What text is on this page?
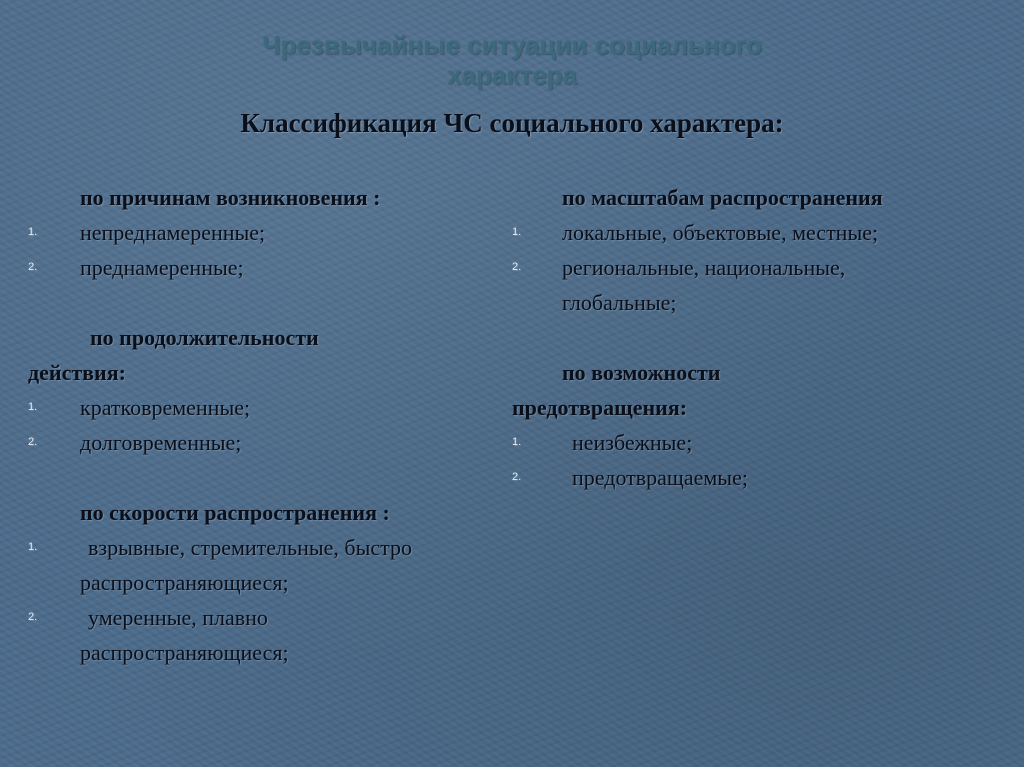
Чрезвычайные ситуации социального
характера
Классификация ЧС социального характера:
по причинам возникновения :
1. непреднамеренные;
2. преднамеренные;
по продолжительности
действия:
1. кратковременные;
2. долговременные;
по скорости распространения :
1.	взрывные, стремительные, быстро
распространяющиеся;
2.	умеренные, плавно
распространяющиеся;
по масштабам распространения
1. локальные, объектовые, местные;
2. региональные, национальные,
глобальные;
по возможности
предотвращения:
1. неизбежные;
2. предотвращаемые;
